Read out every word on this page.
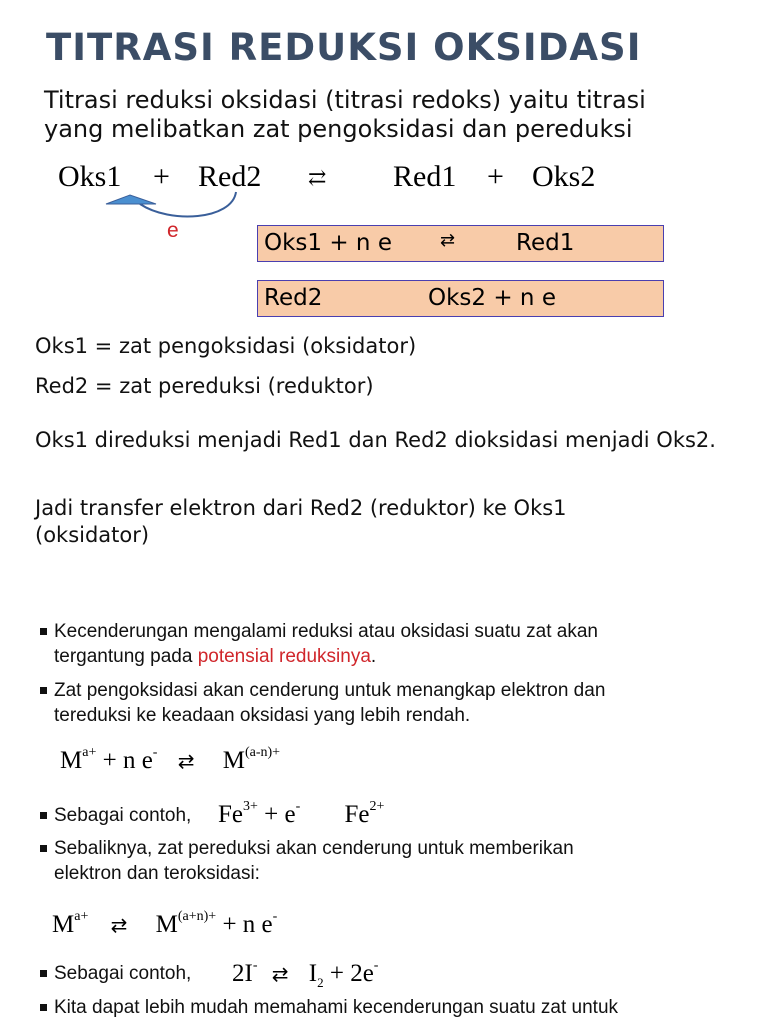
TITRASI REDUKSI OKSIDASI
Titrasi reduksi oksidasi (titrasi redoks) yaitu titrasi
yang melibatkan zat pengoksidasi dan pereduksi
Oks1 + Red2 ⇄ Red1 + Oks2
e	Oks1 + n e	⇄	Red1
Red2	Oks2 + n e
Oks1 = zat pengoksidasi (oksidator)
Red2 = zat pereduksi (reduktor)
Oks1 direduksi menjadi Red1 dan Red2 dioksidasi menjadi Oks2.
Jadi transfer elektron dari Red2 (reduktor) ke Oks1 (oksidator)
Kecenderungan mengalami reduksi atau oksidasi suatu zat akan
tergantung pada potensial reduksinya.
Zat pengoksidasi akan cenderung untuk menangkap elektron dan
tereduksi ke keadaan oksidasi yang lebih rendah.
$M^{a+} + n$ e- ⇄ $M^{(a-n)+}$
Sebagai contoh, $Fe^{3+} + e^-$ $Fe^{2+}$
Sebaliknya, zat pereduksi akan cenderung untuk memberikan
elektron dan teroksidasi:
$M^{a+}$ ⇄ $M^{(a+n)+} + n$ e-
Sebagai contoh, 2I- ⇄ $I_2 + 2e^-$
Kita dapat lebih mudah memahami kecenderungan suatu zat untuk
